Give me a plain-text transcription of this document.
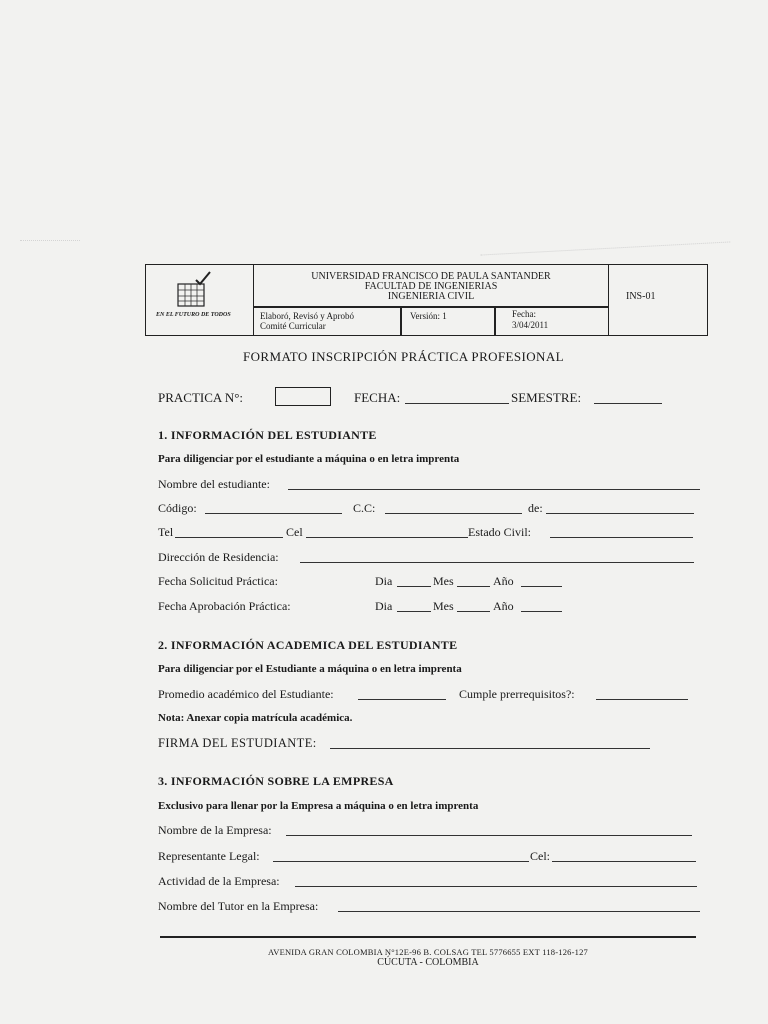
EN EL FUTURO DE TODOS
UNIVERSIDAD FRANCISCO DE PAULA SANTANDER
FACULTAD DE INGENIERIAS
INGENIERIA CIVIL	INS-01
Elaboró, Revisó y Aprobó
Comité Curricular
Versión: 1	Fecha:
3/04/2011
FORMATO INSCRIPCIÓN PRÁCTICA PROFESIONAL
PRACTICA N°:	FECHA:	SEMESTRE:
1. INFORMACIÓN DEL ESTUDIANTE
Para diligenciar por el estudiante a máquina o en letra imprenta
Nombre del estudiante:
Código:	C.C:	de:
Tel	Cel	Estado Civil:
Dirección de Residencia:
Fecha Solicitud Práctica:	Dia	Mes	Año
Fecha Aprobación Práctica:	Dia	Mes	Año
2. INFORMACIÓN ACADEMICA DEL ESTUDIANTE
Para diligenciar por el Estudiante a máquina o en letra imprenta
Promedio académico del Estudiante:	Cumple prerrequisitos?:
Nota: Anexar copia matrícula académica.
FIRMA DEL ESTUDIANTE:
3. INFORMACIÓN SOBRE LA EMPRESA
Exclusivo para llenar por la Empresa a máquina o en letra imprenta
Nombre de la Empresa:
Representante Legal:	Cel:
Actividad de la Empresa:
Nombre del Tutor en la Empresa:
AVENIDA GRAN COLOMBIA N°12E-96 B. COLSAG TEL 5776655 EXT 118-126-127
CÚCUTA - COLOMBIA
